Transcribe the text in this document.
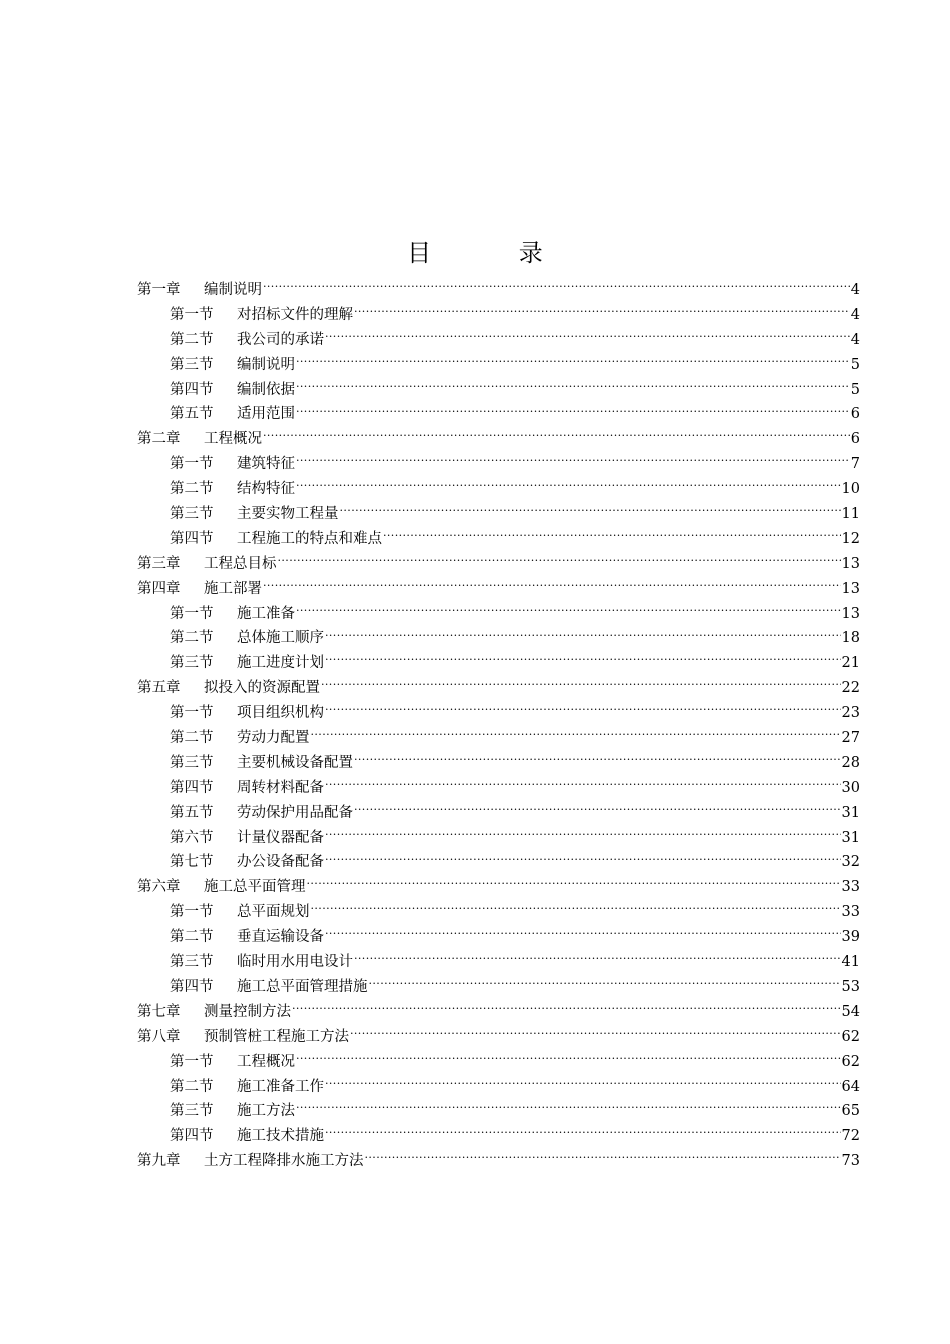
目 录
第一章	编制说明 .....	4
第一节	对招标文件的理解 .....	4
第二节	我公司的承诺 .....	4
第三节	编制说明 .....	5
第四节	编制依据 .....	5
第五节	适用范围 .....	6
第二章	工程概况 .....	6
第一节	建筑特征 .....	7
第二节	结构特征 .....	10
第三节	主要实物工程量 .....	11
第四节	工程施工的特点和难点 .....	12
第三章	工程总目标 .....	13
第四章	施工部署 .....	13
第一节	施工准备 .....	13
第二节	总体施工顺序 .....	18
第三节	施工进度计划 .....	21
第五章	拟投入的资源配置 .....	22
第一节	项目组织机构 .....	23
第二节	劳动力配置 .....	27
第三节	主要机械设备配置 .....	28
第四节	周转材料配备 .....	30
第五节	劳动保护用品配备 .....	31
第六节	计量仪器配备 .....	31
第七节	办公设备配备 .....	32
第六章	施工总平面管理 .....	33
第一节	总平面规划 .....	33
第二节	垂直运输设备 .....	39
第三节	临时用水用电设计 .....	41
第四节	施工总平面管理措施 .....	53
第七章	测量控制方法 .....	54
第八章	预制管桩工程施工方法 .....	62
第一节	工程概况 .....	62
第二节	施工准备工作 .....	64
第三节	施工方法 .....	65
第四节	施工技术措施 .....	72
第九章	土方工程降排水施工方法 .....	73
